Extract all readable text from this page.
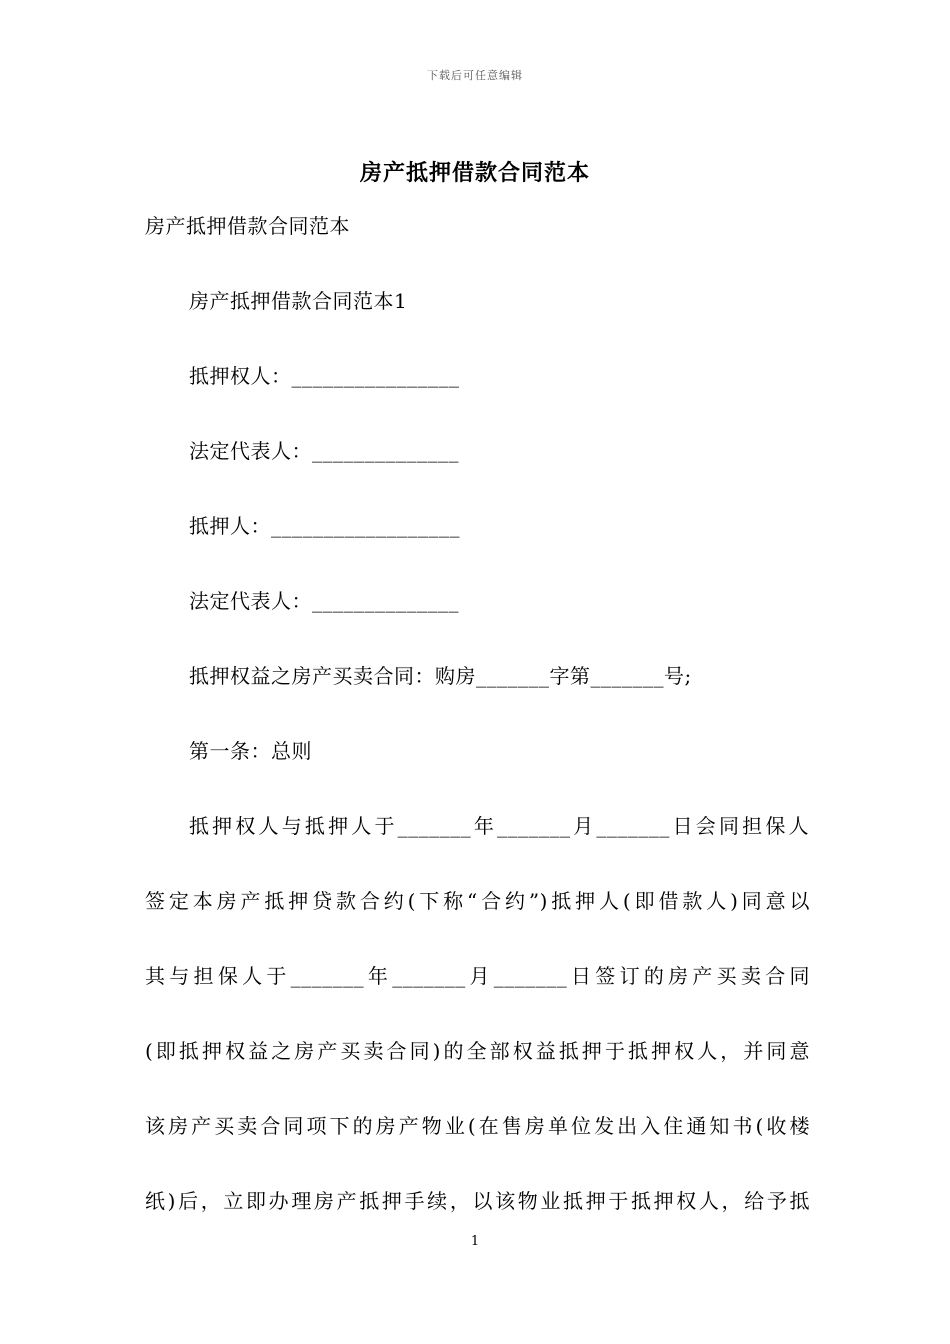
下载后可任意编辑
房产抵押借款合同范本
房产抵押借款合同范本
房产抵押借款合同范本1
抵押权人：________________
法定代表人：______________
抵押人：__________________
法定代表人：______________
抵押权益之房产买卖合同：购房_______字第_______号;
第一条：总则
抵押权人与抵押人于_______年_______月_______日会同担保人
签定本房产抵押贷款合约(下称“合约”)抵押人(即借款人)同意以
其与担保人于_______年_______月_______日签订的房产买卖合同
(即抵押权益之房产买卖合同)的全部权益抵押于抵押权人，并同意
该房产买卖合同项下的房产物业(在售房单位发出入住通知书(收楼
纸)后，立即办理房产抵押手续，以该物业抵押于抵押权人，给予抵
1
